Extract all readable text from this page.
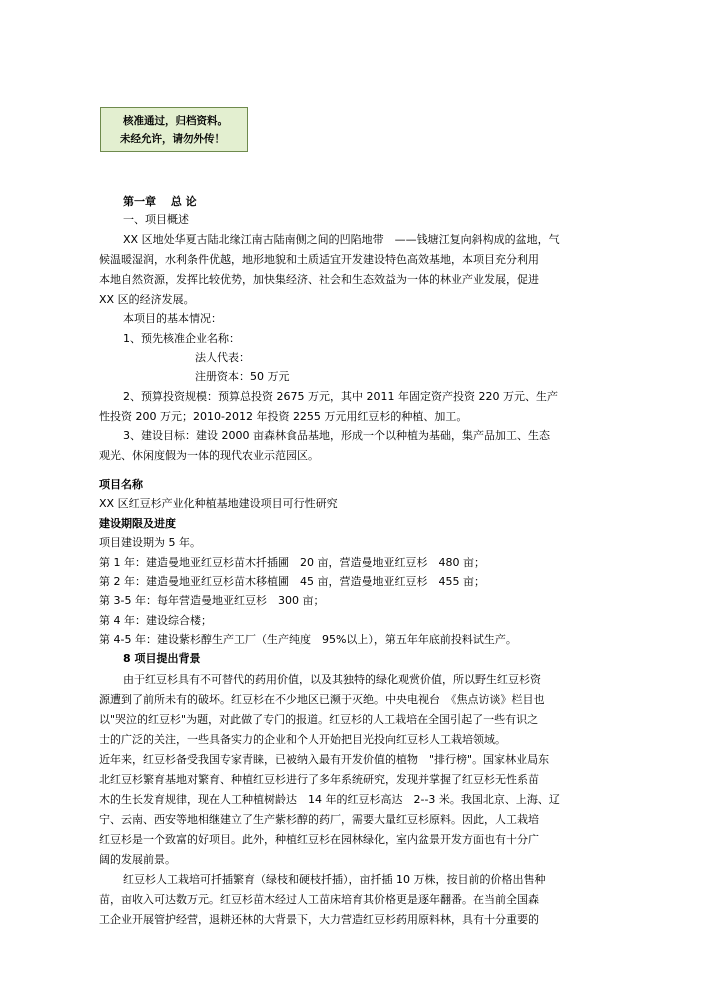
核准通过，归档资料。
未经允许，请勿外传！
第一章　 总 论
一、项目概述
XX 区地处华夏古陆北缘江南古陆南侧之间的凹陷地带　——钱塘江复向斜构成的盆地，气
候温暖湿润，水利条件优越，地形地貌和土质适宜开发建设特色高效基地，本项目充分利用
本地自然资源，发挥比较优势，加快集经济、社会和生态效益为一体的林业产业发展，促进
XX 区的经济发展。
本项目的基本情况：
1、预先核准企业名称：
法人代表：
注册资本：50 万元
2、预算投资规模：预算总投资 2675 万元，其中 2011 年固定资产投资 220 万元、生产
性投资 200 万元；2010-2012 年投资 2255 万元用红豆杉的种植、加工。
3、建设目标：建设 2000 亩森林食品基地，形成一个以种植为基础，集产品加工、生态
观光、休闲度假为一体的现代农业示范园区。
项目名称
XX 区红豆杉产业化种植基地建设项目可行性研究
建设期限及进度
项目建设期为 5 年。
第 1 年：建造曼地亚红豆杉苗木扦插圃　20 亩，营造曼地亚红豆杉　480 亩；
第 2 年：建造曼地亚红豆杉苗木移植圃　45 亩，营造曼地亚红豆杉　455 亩；
第 3-5 年：每年营造曼地亚红豆杉　300 亩；
第 4 年：建设综合楼；
第 4-5 年：建设紫杉醇生产工厂（生产纯度　95%以上），第五年年底前投料试生产。
8 项目提出背景
由于红豆杉具有不可替代的药用价值，以及其独特的绿化观赏价值，所以野生红豆杉资
源遭到了前所未有的破坏。红豆杉在不少地区已濒于灭绝。中央电视台　《焦点访谈》栏目也
以"哭泣的红豆杉"为题，对此做了专门的报道。红豆杉的人工栽培在全国引起了一些有识之
士的广泛的关注，一些具备实力的企业和个人开始把目光投向红豆杉人工栽培领域。
近年来，红豆杉备受我国专家青睐，已被纳入最有开发价值的植物　"排行榜"。国家林业局东
北红豆杉繁育基地对繁育、种植红豆杉进行了多年系统研究，发现并掌握了红豆杉无性系苗
木的生长发育规律，现在人工种植树龄达　14 年的红豆杉高达　2--3 米。我国北京、上海、辽
宁、云南、西安等地相继建立了生产紫杉醇的药厂，需要大量红豆杉原料。因此，人工栽培
红豆杉是一个致富的好项目。此外，种植红豆杉在园林绿化，室内盆景开发方面也有十分广
阔的发展前景。
红豆杉人工栽培可扦插繁育（绿枝和硬枝扦插），亩扦插 10 万株，按目前的价格出售种
苗，亩收入可达数万元。红豆杉苗木经过人工苗床培育其价格更是逐年翻番。在当前全国森
工企业开展管护经营，退耕还林的大背景下，大力营造红豆杉药用原料林，具有十分重要的
